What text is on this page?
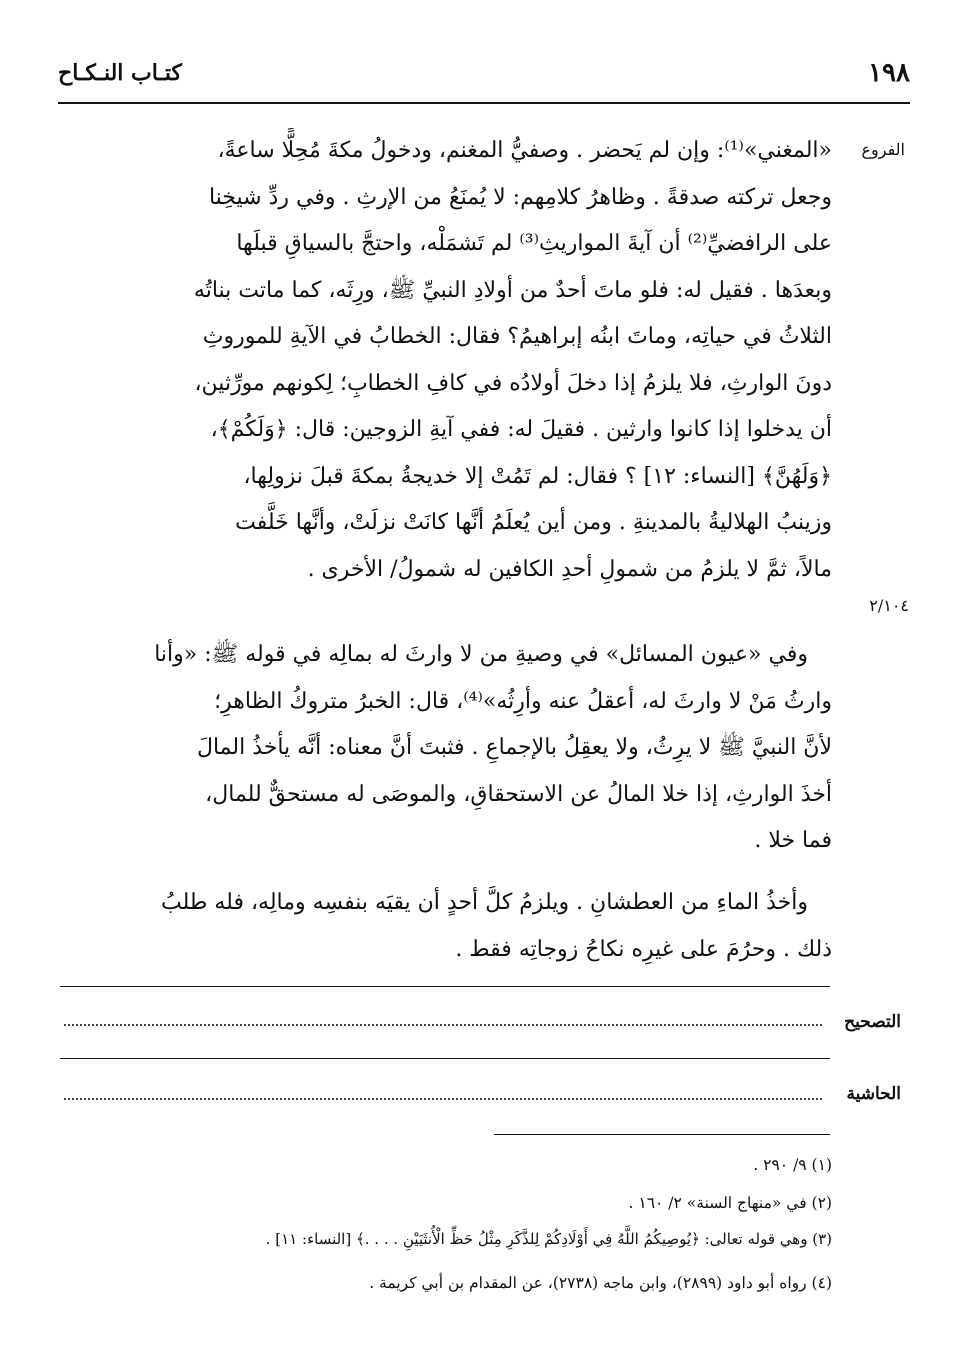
كتـاب النـكـاح	١٩٨
الفروع
٢/١٠٤
«المغني»⁽¹⁾: وإن لم يَحضر . وصفيُّ المغنم، ودخولُ مكةَ مُحِلًّا ساعةً،
وجعل تركته صدقةً . وظاهرُ كلامِهم: لا يُمنَعُ من الإرثِ . وفي ردِّ شيخِنا
على الرافضيِّ⁽²⁾ أن آيةَ المواريثِ⁽³⁾ لم تَشمَلْه، واحتجَّ بالسياقِ قبلَها
وبعدَها . فقيل له: فلو ماتَ أحدٌ من أولادِ النبيِّ ﷺ، ورِثَه، كما ماتت بناتُه
الثلاثُ في حياتِه، وماتَ ابنُه إبراهيمُ؟ فقال: الخطابُ في الآيةِ للموروثِ
دونَ الوارثِ، فلا يلزمُ إذا دخلَ أولادُه في كافِ الخطابِ؛ لِكونهم مورِّثين،
أن يدخلوا إذا كانوا وارثين . فقيلَ له: ففي آيةِ الزوجين: قال: ﴿وَلَكُمْ﴾،
﴿وَلَهُنَّ﴾ [النساء: ١٢] ؟ فقال: لم تَمُتْ إلا خديجةُ بمكةَ قبلَ نزولِها،
وزينبُ الهلاليةُ بالمدينةِ . ومن أين يُعلَمُ أنَّها كانَتْ نزلَتْ، وأنَّها خَلَّفت
مالاً، ثمَّ لا يلزمُ من شمولِ أحدِ الكافين له شمولُ/ الأخرى .
وفي «عيون المسائل» في وصيةِ من لا وارثَ له بمالِه في قوله ﷺ: «وأنا
وارثُ مَنْ لا وارثَ له، أعقلُ عنه وأرِثُه»⁽⁴⁾، قال: الخبرُ متروكُ الظاهرِ؛
لأنَّ النبيَّ ﷺ لا يرِثُ، ولا يعقِلُ بالإجماعِ . فثبتَ أنَّ معناه: أنَّه يأخذُ المالَ
أخذَ الوارثِ، إذا خلا المالُ عن الاستحقاقِ، والموصَى له مستحقٌّ للمال،
فما خلا .
وأخذُ الماءِ من العطشانِ . ويلزمُ كلَّ أحدٍ أن يقيَه بنفسِه ومالِه، فله طلبُ
ذلك . وحرُمَ على غيرِه نكاحُ زوجاتِه فقط .
التصحيح
الحاشية
(١) ٩/ ٢٩٠ .
(٢) في «منهاج السنة» ٢/ ١٦٠ .
(٣) وهي قوله تعالى: ﴿يُوصِيكُمُ اللَّهُ فِي أَوْلَادِكُمْ لِلذَّكَرِ مِثْلُ حَظِّ الْأُنثَيَيْنِ . . . .﴾ [النساء: ١١] .
(٤) رواه أبو داود (٢٨٩٩)، وابن ماجه (٢٧٣٨)، عن المقدام بن أبي كريمة .
